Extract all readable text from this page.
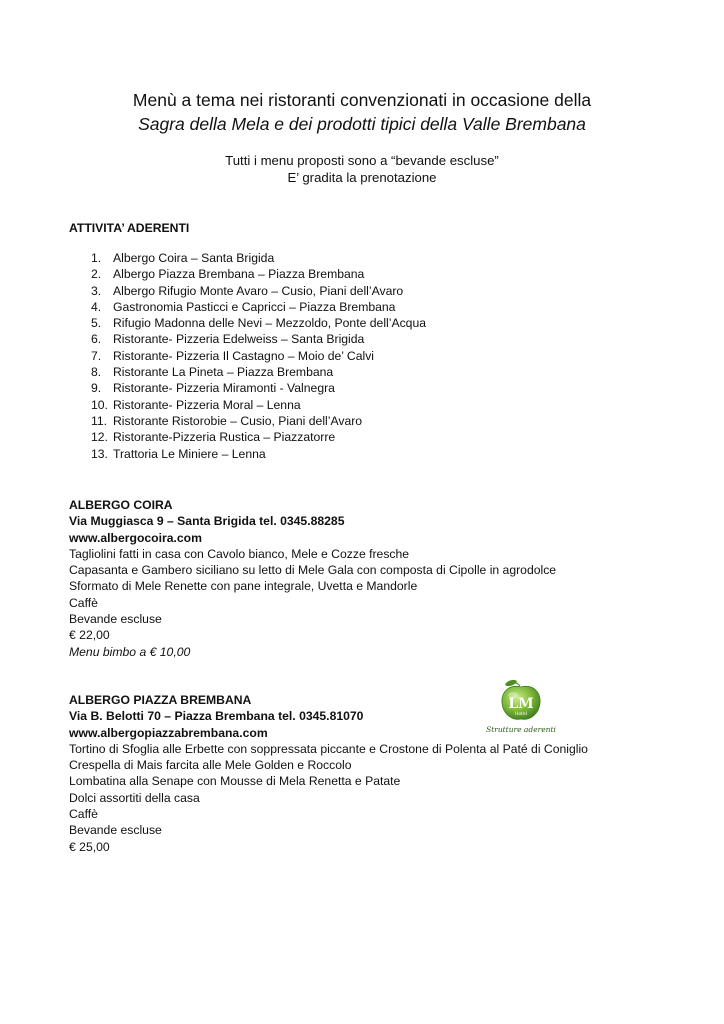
Menù a tema nei ristoranti convenzionati in occasione della
Sagra della Mela e dei prodotti tipici della Valle Brembana
Tutti i menu proposti sono a “bevande escluse”
E’ gradita la prenotazione
ATTIVITA’ ADERENTI
1. Albergo Coira – Santa Brigida
2. Albergo Piazza Brembana – Piazza Brembana
3. Albergo Rifugio Monte Avaro – Cusio, Piani dell’Avaro
4. Gastronomia Pasticci e Capricci – Piazza Brembana
5. Rifugio Madonna delle Nevi – Mezzoldo, Ponte dell’Acqua
6. Ristorante- Pizzeria Edelweiss – Santa Brigida
7. Ristorante- Pizzeria Il Castagno – Moio de’ Calvi
8. Ristorante La Pineta – Piazza Brembana
9. Ristorante- Pizzeria Miramonti - Valnegra
10. Ristorante- Pizzeria Moral – Lenna
11. Ristorante Ristorobie – Cusio, Piani dell’Avaro
12. Ristorante-Pizzeria Rustica – Piazzatorre
13. Trattoria Le Miniere – Lenna
ALBERGO COIRA
Via Muggiasca 9 – Santa Brigida tel. 0345.88285
www.albergocoira.com
Tagliolini fatti in casa con Cavolo bianco, Mele e Cozze fresche
Capasanta e Gambero siciliano su letto di Mele Gala con composta di Cipolle in agrodolce
Sformato di Mele Renette con pane integrale, Uvetta e Mandorle
Caffè
Bevande escluse
€ 22,00
Menu bimbo a € 10,00
ALBERGO PIAZZA BREMBANA
Via B. Belotti 70 – Piazza Brembana tel. 0345.81070
www.albergopiazzabrembana.com
Tortino di Sfoglia alle Erbette con soppressata piccante e Crostone di Polenta al Paté di Coniglio
Crespella di Mais farcita alle Mele Golden e Roccolo
Lombatina alla Senape con Mousse di Mela Renetta e Patate
Dolci assortiti della casa
Caffè
Bevande escluse
€ 25,00
LM
Hotel
Strutture aderenti
